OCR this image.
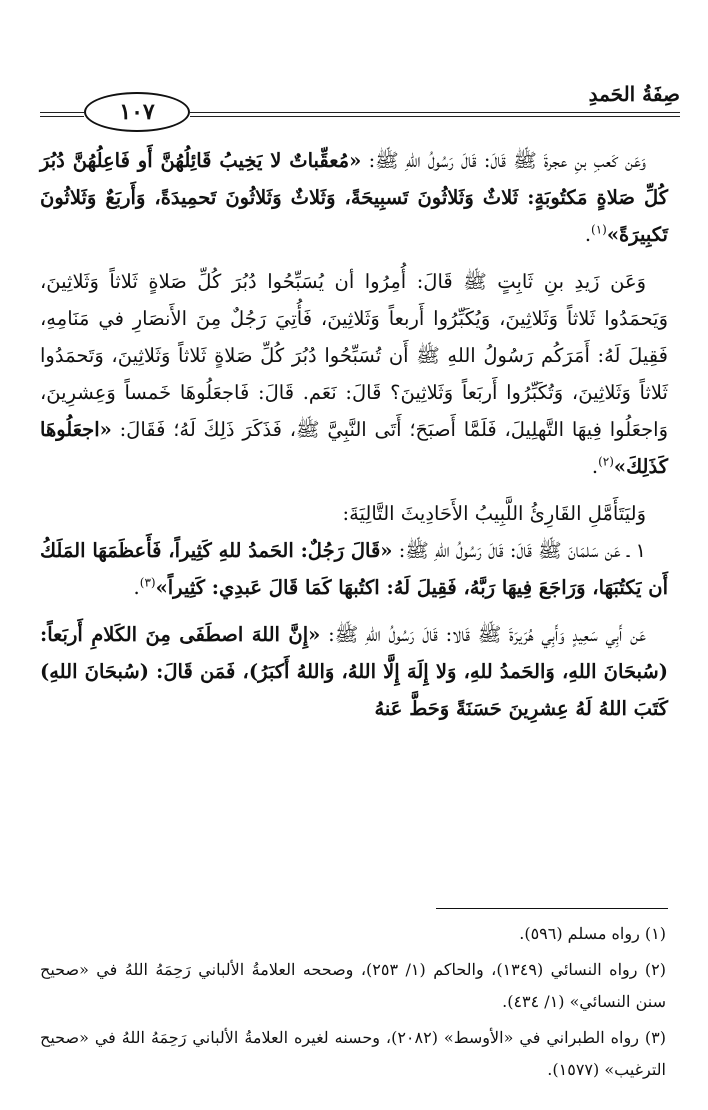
صِفَةُ الحَمدِ
١٠٧

وَعَن كَعبِ بنِ عجرةَ ﷺ قَالَ: قَالَ رَسُولُ اللهِ ﷺ: «مُعقِّباتٌ لا يَخِيبُ قَائِلُهُنَّ أَو فَاعِلُهُنَّ دُبُرَ كُلِّ صَلاةٍ مَكتُوبَةٍ: ثَلاثٌ وَثَلاثُونَ تَسبِيحَةً، وَثَلاثٌ وَثَلاثُونَ تَحمِيدَةً، وَأَربَعٌ وَثَلاثُونَ تَكبِيرَةً»$^{(١)}$.

وَعَن زَيدِ بنِ ثَابِتٍ ﷺ قَالَ: أُمِرُوا أن يُسَبِّحُوا دُبُرَ كُلِّ صَلاةٍ ثَلاثاً وَثَلاثِينَ، وَيَحمَدُوا ثَلاثاً وَثَلاثِينَ، وَيُكَبِّرُوا أَربعاً وَثَلاثِينَ، فَأُتِيَ رَجُلٌ مِنَ الأَنصَارِ في مَنَامِهِ، فَقِيلَ لَهُ: أَمَرَكُم رَسُولُ اللهِ ﷺ أَن تُسَبِّحُوا دُبُرَ كُلِّ صَلاةٍ ثَلاثاً وَثَلاثِينَ، وَتَحمَدُوا ثَلاثاً وَثَلاثِينَ، وَتُكَبِّرُوا أَربَعاً وَثَلاثِينَ؟ قَالَ: نَعَم. قَالَ: فَاجعَلُوهَا خَمساً وَعِشرِينَ، وَاجعَلُوا فِيهَا التَّهلِيلَ، فَلَمَّا أَصبَحَ؛ أَتَى النَّبِيَّ ﷺ، فَذَكَرَ ذَلِكَ لَهُ؛ فَقَالَ: «اجعَلُوهَا كَذَلِكَ»$^{(٢)}$.

وَليَتَأَمَّلِ القَارِئُ اللَّبِيبُ الأَحَادِيثَ التَّالِيَةَ:

١ ـ عَن سَلمَانَ ﷺ قَالَ: قَالَ رَسُولُ اللهِ ﷺ: «قَالَ رَجُلٌ: الحَمدُ للهِ كَثِيراً، فَأَعظَمَهَا المَلَكُ أَن يَكتُبَهَا، وَرَاجَعَ فِيهَا رَبَّهُ، فَقِيلَ لَهُ: اكتُبهَا كَمَا قَالَ عَبدِي: كَثِيراً»$^{(٣)}$.

عَن أَبِي سَعِيدٍ وَأَبِي هُرَيرَةَ ﷺ قَالا: قَالَ رَسُولُ اللهِ ﷺ: «إِنَّ اللهَ اصطَفَى مِنَ الكَلامِ أَربَعاً: (سُبحَانَ اللهِ، وَالحَمدُ للهِ، وَلا إِلَهَ إِلَّا اللهُ، وَاللهُ أَكبَرُ)، فَمَن قَالَ: (سُبحَانَ اللهِ) كَتَبَ اللهُ لَهُ عِشرِينَ حَسَنَةً وَحَطَّ عَنهُ

(١) رواه مسلم (٥٩٦).
(٢) رواه النسائي (١٣٤٩)، والحاكم (١/ ٢٥٣)، وصححه العلامةُ الألباني رَحِمَهُ اللهُ في «صحيح سنن النسائي» (١/ ٤٣٤).
(٣) رواه الطبراني في «الأوسط» (٢٠٨٢)، وحسنه لغيره العلامةُ الألباني رَحِمَهُ اللهُ في «صحيح الترغيب» (١٥٧٧).
